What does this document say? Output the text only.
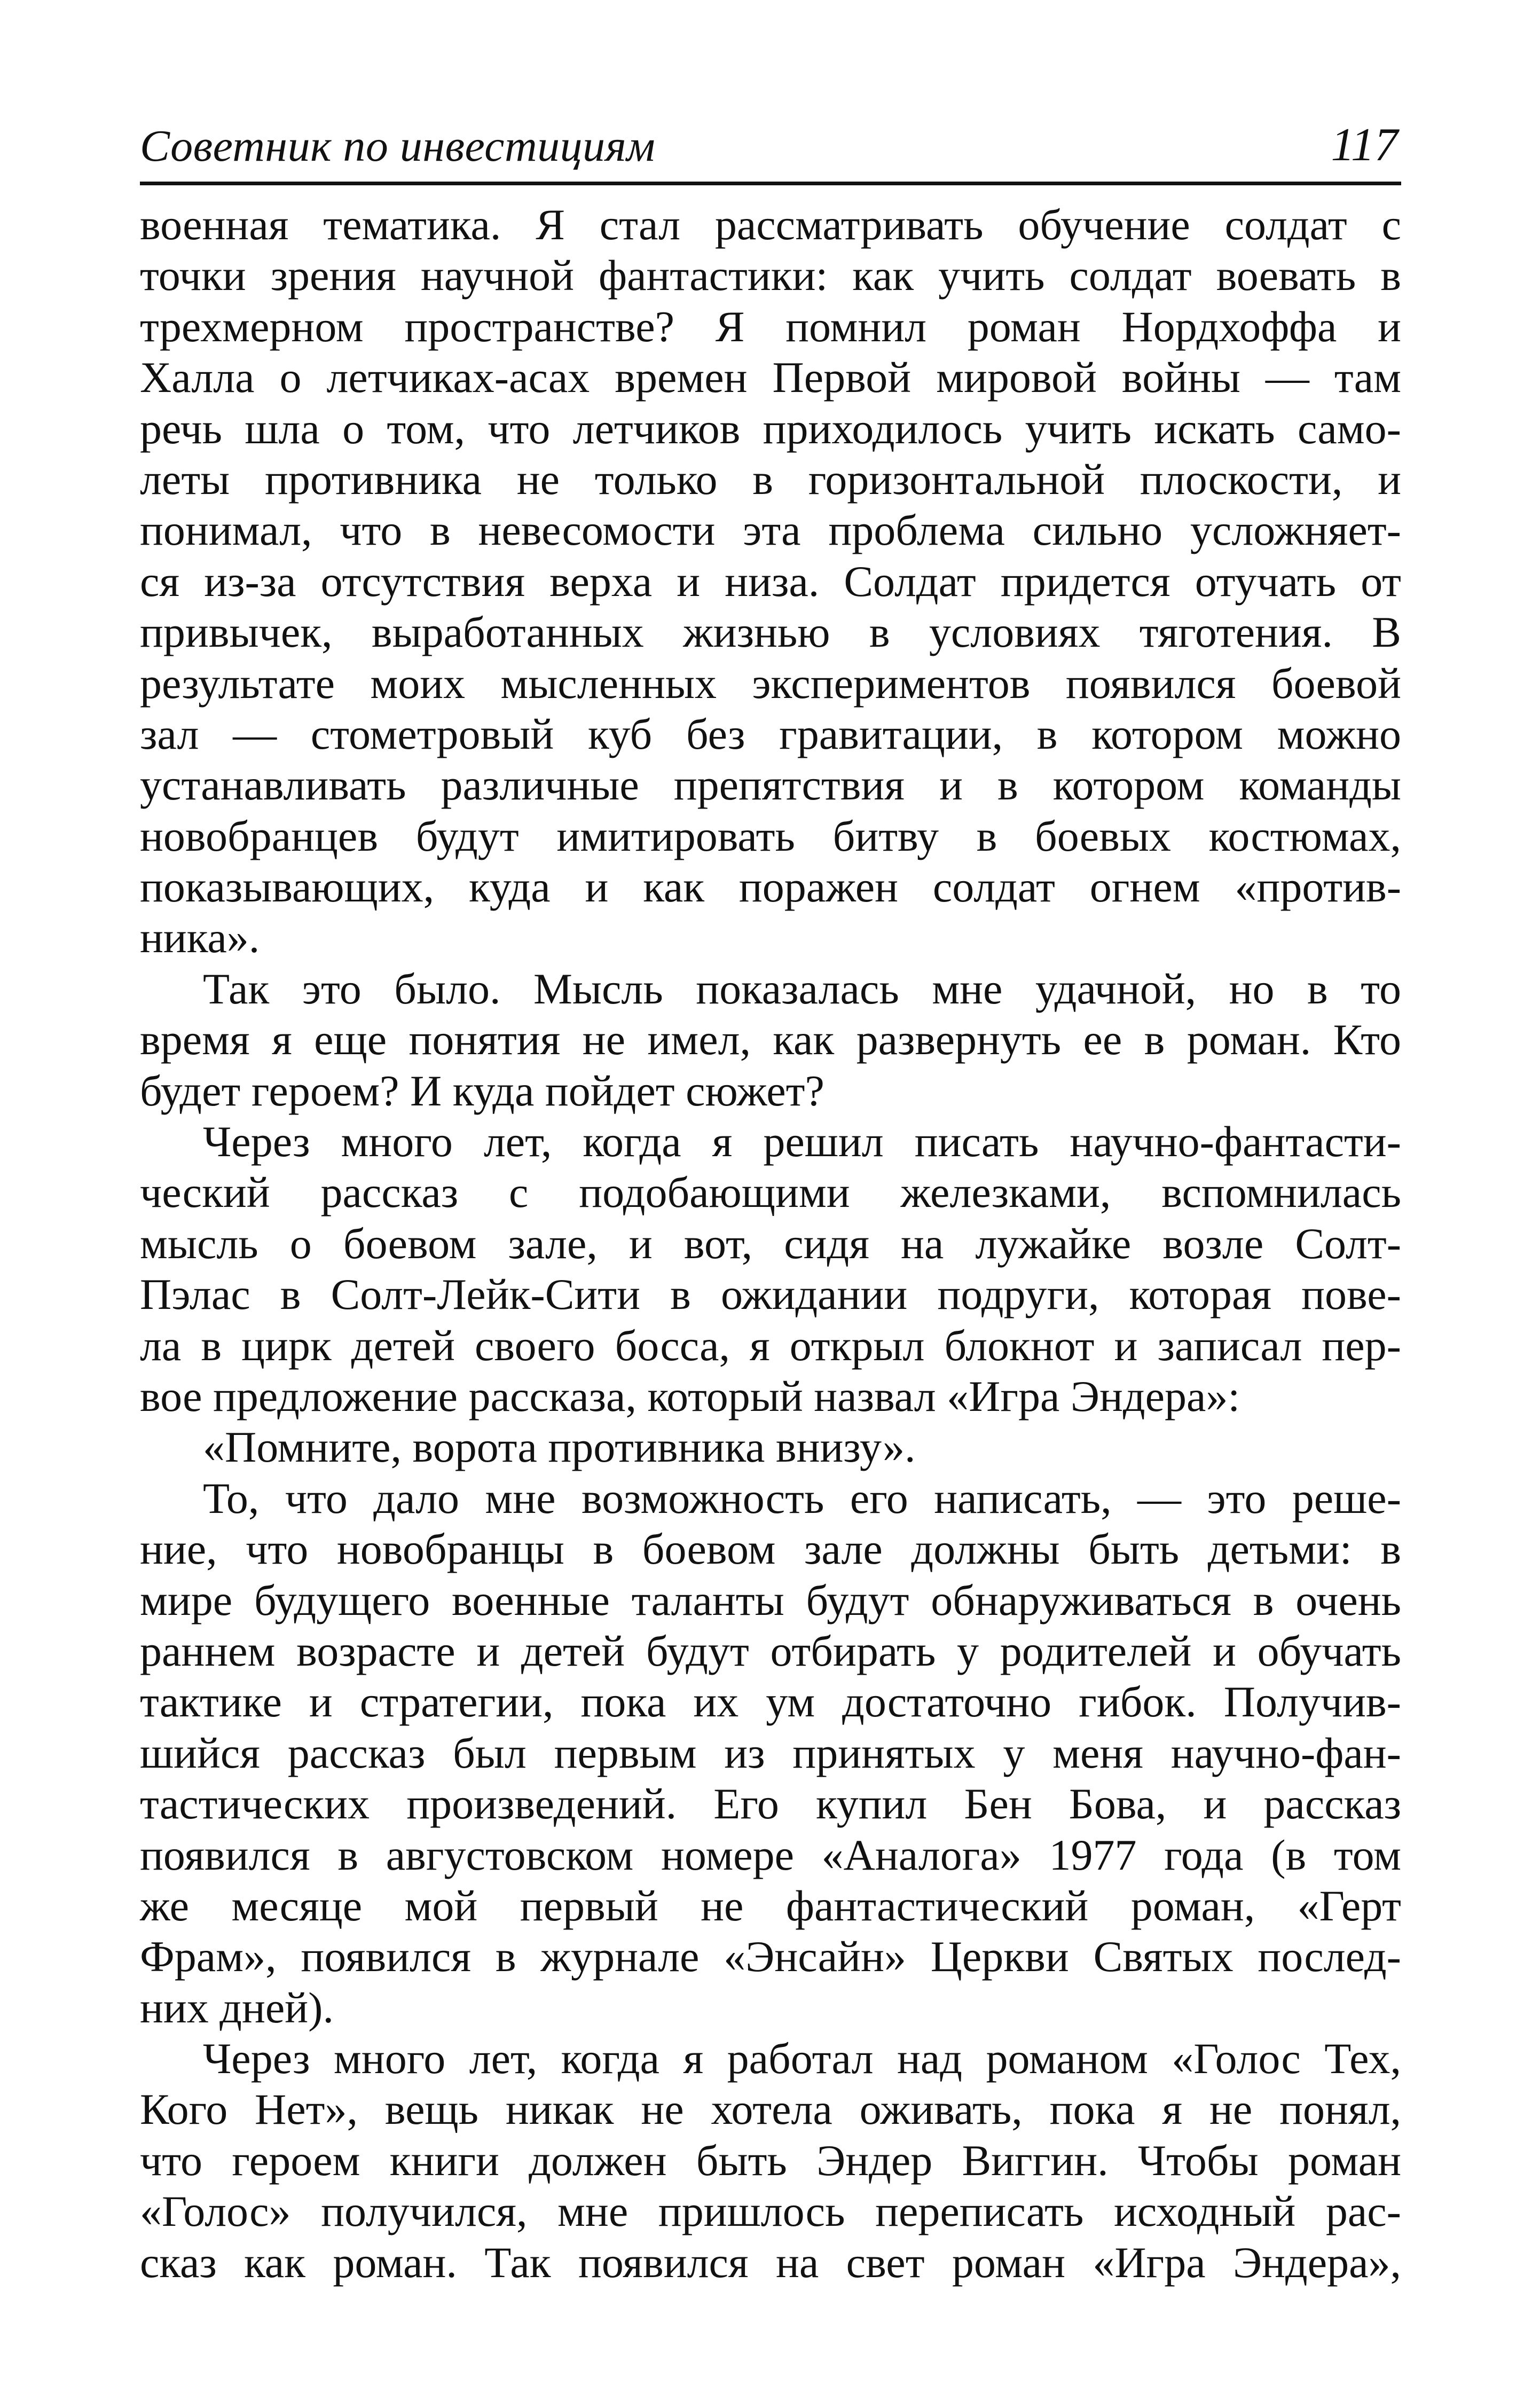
Советник по инвестициям	117
военная тематика. Я стал рассматривать обучение солдат с
точки зрения научной фантастики: как учить солдат воевать в
трехмерном пространстве? Я помнил роман Нордхоффа и
Халла о летчиках-асах времен Первой мировой войны — там
речь шла о том, что летчиков приходилось учить искать само-
леты противника не только в горизонтальной плоскости, и
понимал, что в невесомости эта проблема сильно усложняет-
ся из-за отсутствия верха и низа. Солдат придется отучать от
привычек, выработанных жизнью в условиях тяготения. В
результате моих мысленных экспериментов появился боевой
зал — стометровый куб без гравитации, в котором можно
устанавливать различные препятствия и в котором команды
новобранцев будут имитировать битву в боевых костюмах,
показывающих, куда и как поражен солдат огнем «против-
ника».
Так это было. Мысль показалась мне удачной, но в то
время я еще понятия не имел, как развернуть ее в роман. Кто
будет героем? И куда пойдет сюжет?
Через много лет, когда я решил писать научно-фантасти-
ческий рассказ с подобающими железками, вспомнилась
мысль о боевом зале, и вот, сидя на лужайке возле Солт-
Пэлас в Солт-Лейк-Сити в ожидании подруги, которая пове-
ла в цирк детей своего босса, я открыл блокнот и записал пер-
вое предложение рассказа, который назвал «Игра Эндера»:
«Помните, ворота противника внизу».
То, что дало мне возможность его написать, — это реше-
ние, что новобранцы в боевом зале должны быть детьми: в
мире будущего военные таланты будут обнаруживаться в очень
раннем возрасте и детей будут отбирать у родителей и обучать
тактике и стратегии, пока их ум достаточно гибок. Получив-
шийся рассказ был первым из принятых у меня научно-фан-
тастических произведений. Его купил Бен Бова, и рассказ
появился в августовском номере «Аналога» 1977 года (в том
же месяце мой первый не фантастический роман, «Герт
Фрам», появился в журнале «Энсайн» Церкви Святых послед-
них дней).
Через много лет, когда я работал над романом «Голос Тех,
Кого Нет», вещь никак не хотела оживать, пока я не понял,
что героем книги должен быть Эндер Виггин. Чтобы роман
«Голос» получился, мне пришлось переписать исходный рас-
сказ как роман. Так появился на свет роман «Игра Эндера»,
